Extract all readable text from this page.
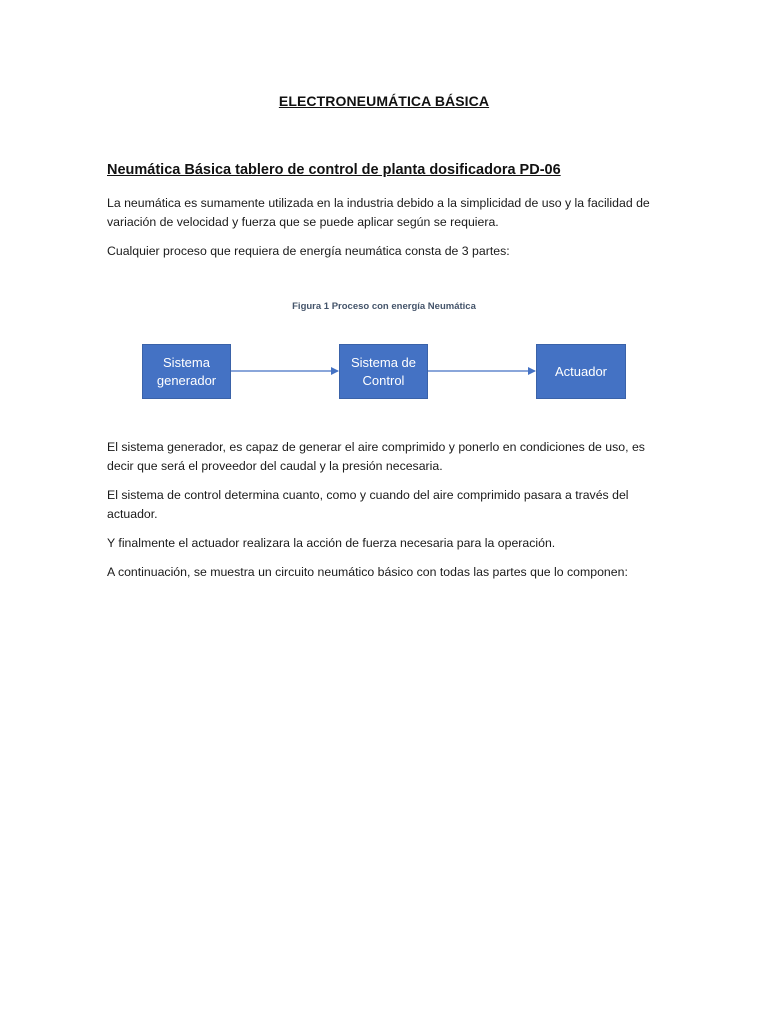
ELECTRONEUMÁTICA BÁSICA
Neumática Básica tablero de control de planta dosificadora PD-06
La neumática es sumamente utilizada en la industria debido a la simplicidad de uso y la facilidad de variación de velocidad y fuerza que se puede aplicar según se requiera.
Cualquier proceso que requiera de energía neumática consta de 3 partes:
Figura 1 Proceso con energía Neumática
Sistema generador
Sistema de Control
Actuador
El sistema generador, es capaz de generar el aire comprimido y ponerlo en condiciones de uso, es decir que será el proveedor del caudal y la presión necesaria.
El sistema de control determina cuanto, como y cuando del aire comprimido pasara a través del actuador.
Y finalmente el actuador realizara la acción de fuerza necesaria para la operación.
A continuación, se muestra un circuito neumático básico con todas las partes que lo componen:
